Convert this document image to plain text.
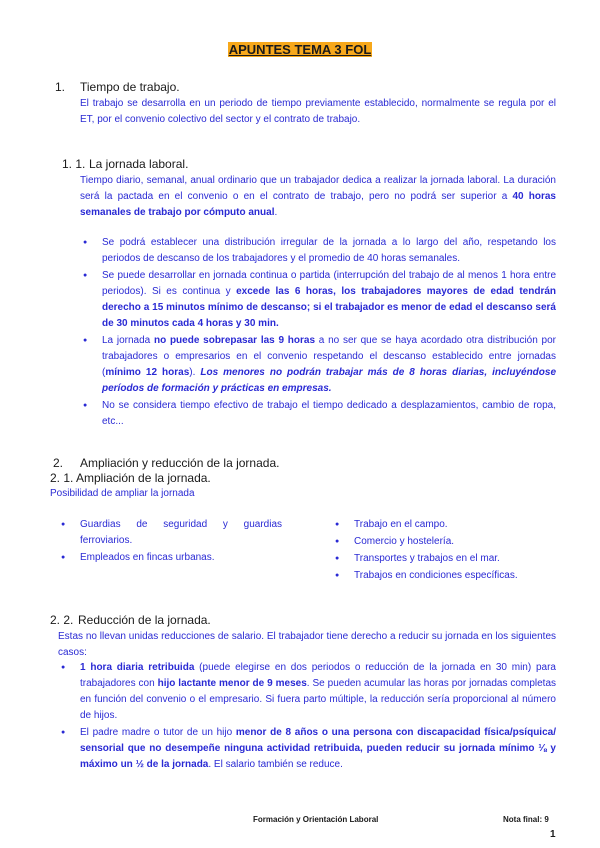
APUNTES TEMA 3 FOL
1. Tiempo de trabajo.
El trabajo se desarrolla en un periodo de tiempo previamente establecido, normalmente se regula por el ET, por el convenio colectivo del sector y el contrato de trabajo.
1. 1. La jornada laboral.
Tiempo diario, semanal, anual ordinario que un trabajador dedica a realizar la jornada laboral. La duración será la pactada en el convenio o en el contrato de trabajo, pero no podrá ser superior a 40 horas semanales de trabajo por cómputo anual.
● Se podrá establecer una distribución irregular de la jornada a lo largo del año, respetando los periodos de descanso de los trabajadores y el promedio de 40 horas semanales.
● Se puede desarrollar en jornada continua o partida (interrupción del trabajo de al menos 1 hora entre periodos). Si es continua y excede las 6 horas, los trabajadores mayores de edad tendrán derecho a 15 minutos mínimo de descanso; si el trabajador es menor de edad el descanso será de 30 minutos cada 4 horas y 30 min.
● La jornada no puede sobrepasar las 9 horas a no ser que se haya acordado otra distribución por trabajadores o empresarios en el convenio respetando el descanso establecido entre jornadas (mínimo 12 horas). Los menores no podrán trabajar más de 8 horas diarias, incluyéndose períodos de formación y prácticas en empresas.
● No se considera tiempo efectivo de trabajo el tiempo dedicado a desplazamientos, cambio de ropa, etc...
2. Ampliación y reducción de la jornada.
2. 1. Ampliación de la jornada.
Posibilidad de ampliar la jornada
● Guardias de seguridad y guardias ferroviarios.
● Empleados en fincas urbanas.
● Trabajo en el campo.
● Comercio y hostelería.
● Transportes y trabajos en el mar.
● Trabajos en condiciones específicas.
2. 2. Reducción de la jornada.
Estas no llevan unidas reducciones de salario. El trabajador tiene derecho a reducir su jornada en los siguientes casos:
● 1 hora diaria retribuida (puede elegirse en dos periodos o reducción de la jornada en 30 min) para trabajadores con hijo lactante menor de 9 meses. Se pueden acumular las horas por jornadas completas en función del convenio o el empresario. Si fuera parto múltiple, la reducción sería proporcional al número de hijos.
● El padre madre o tutor de un hijo menor de 8 años o una persona con discapacidad física/psíquica/ sensorial que no desempeñe ninguna actividad retribuida, pueden reducir su jornada mínimo ⅛ y máximo un ½ de la jornada. El salario también se reduce.
Formación y Orientación Laboral	Nota final: 9
1
